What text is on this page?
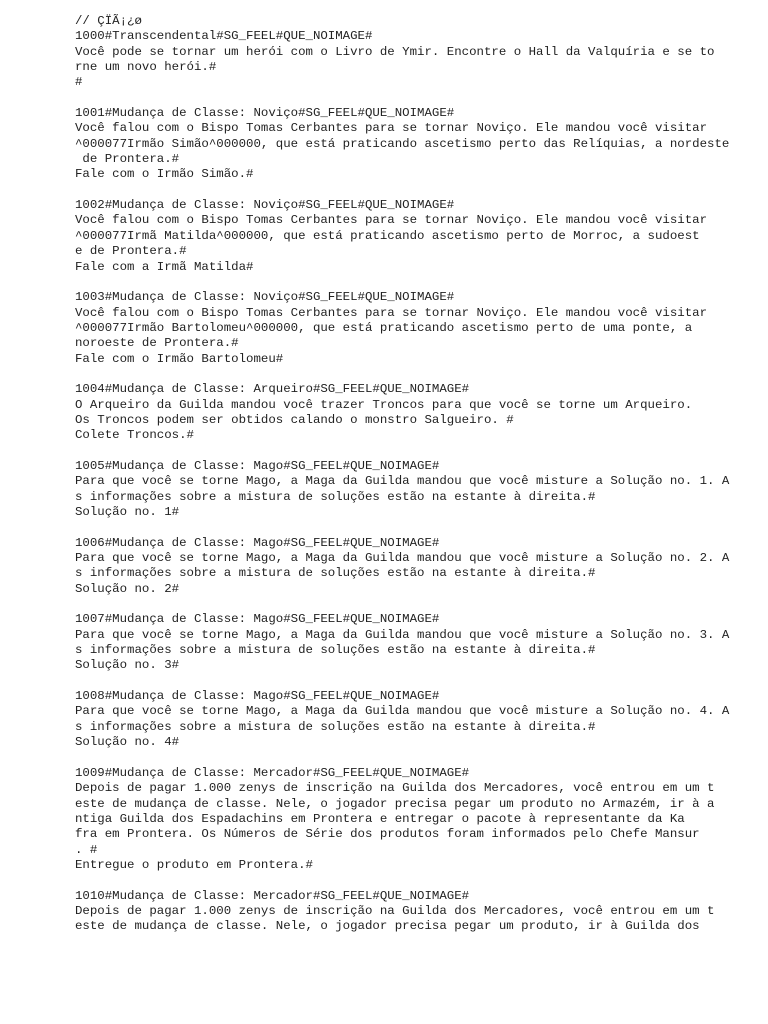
// ÇÏÃ¡¿ø
1000#Transcendental#SG_FEEL#QUE_NOIMAGE#
Você pode se tornar um herói com o Livro de Ymir. Encontre o Hall da Valquíria e se to
rne um novo herói.#
#
1001#Mudança de Classe: Noviço#SG_FEEL#QUE_NOIMAGE#
Você falou com o Bispo Tomas Cerbantes para se tornar Noviço. Ele mandou você visitar
^000077Irmão Simão^000000, que está praticando ascetismo perto das Relíquias, a nordeste
de Prontera.#
Fale com o Irmão Simão.#
1002#Mudança de Classe: Noviço#SG_FEEL#QUE_NOIMAGE#
Você falou com o Bispo Tomas Cerbantes para se tornar Noviço. Ele mandou você visitar
^000077Irmã Matilda^000000, que está praticando ascetismo perto de Morroc, a sudoest
e de Prontera.#
Fale com a Irmã Matilda#
1003#Mudança de Classe: Noviço#SG_FEEL#QUE_NOIMAGE#
Você falou com o Bispo Tomas Cerbantes para se tornar Noviço. Ele mandou você visitar
^000077Irmão Bartolomeu^000000, que está praticando ascetismo perto de uma ponte, a
noroeste de Prontera.#
Fale com o Irmão Bartolomeu#
1004#Mudança de Classe: Arqueiro#SG_FEEL#QUE_NOIMAGE#
O Arqueiro da Guilda mandou você trazer Troncos para que você se torne um Arqueiro.
Os Troncos podem ser obtidos calando o monstro Salgueiro. #
Colete Troncos.#
1005#Mudança de Classe: Mago#SG_FEEL#QUE_NOIMAGE#
Para que você se torne Mago, a Maga da Guilda mandou que você misture a Solução no. 1. A
s informações sobre a mistura de soluções estão na estante à direita.#
Solução no. 1#
1006#Mudança de Classe: Mago#SG_FEEL#QUE_NOIMAGE#
Para que você se torne Mago, a Maga da Guilda mandou que você misture a Solução no. 2. A
s informações sobre a mistura de soluções estão na estante à direita.#
Solução no. 2#
1007#Mudança de Classe: Mago#SG_FEEL#QUE_NOIMAGE#
Para que você se torne Mago, a Maga da Guilda mandou que você misture a Solução no. 3. A
s informações sobre a mistura de soluções estão na estante à direita.#
Solução no. 3#
1008#Mudança de Classe: Mago#SG_FEEL#QUE_NOIMAGE#
Para que você se torne Mago, a Maga da Guilda mandou que você misture a Solução no. 4. A
s informações sobre a mistura de soluções estão na estante à direita.#
Solução no. 4#
1009#Mudança de Classe: Mercador#SG_FEEL#QUE_NOIMAGE#
Depois de pagar 1.000 zenys de inscrição na Guilda dos Mercadores, você entrou em um t
este de mudança de classe. Nele, o jogador precisa pegar um produto no Armazém, ir à a
ntiga Guilda dos Espadachins em Prontera e entregar o pacote à representante da Ka
fra em Prontera. Os Números de Série dos produtos foram informados pelo Chefe Mansur
. #
Entregue o produto em Prontera.#
1010#Mudança de Classe: Mercador#SG_FEEL#QUE_NOIMAGE#
Depois de pagar 1.000 zenys de inscrição na Guilda dos Mercadores, você entrou em um t
este de mudança de classe. Nele, o jogador precisa pegar um produto, ir à Guilda dos
